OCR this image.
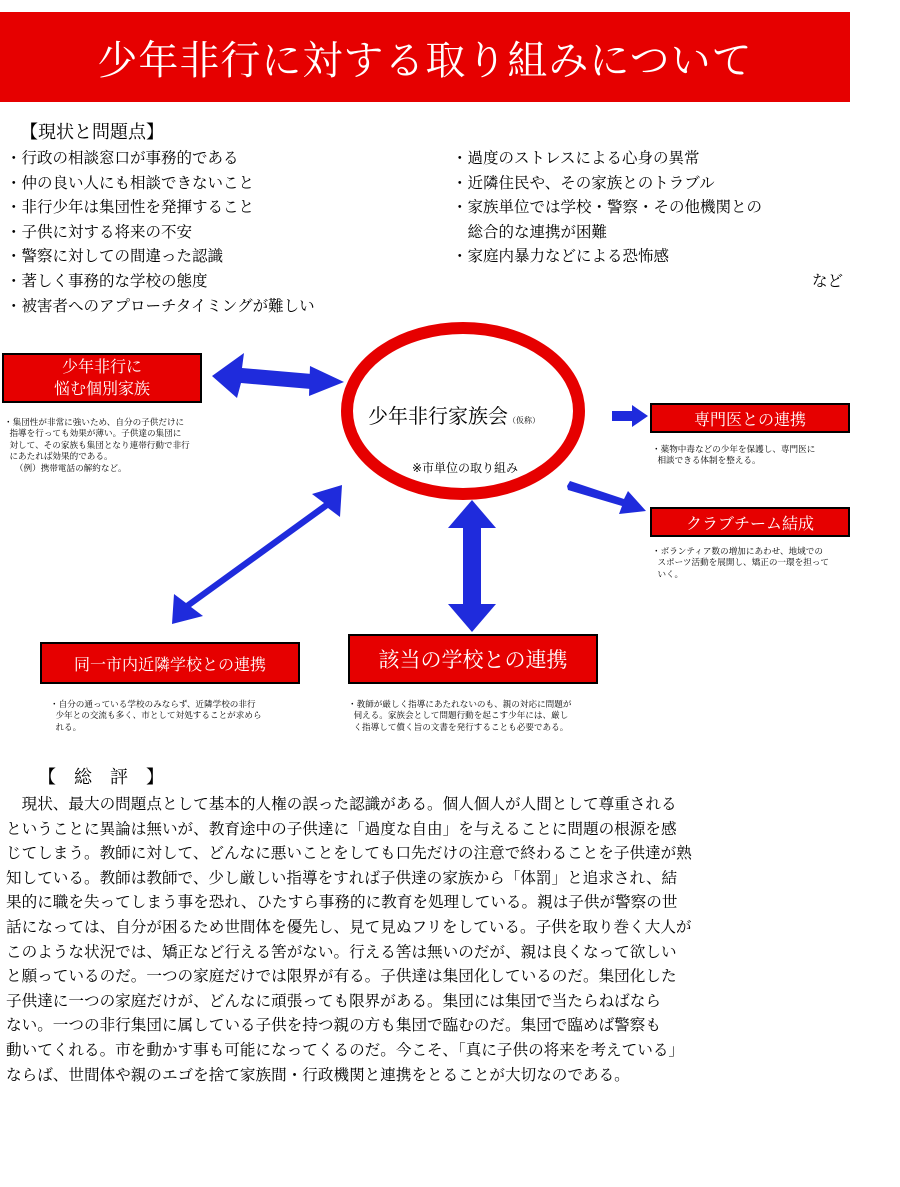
少年非行に対する取り組みについて
【現状と問題点】
・行政の相談窓口が事務的である
・仲の良い人にも相談できないこと
・非行少年は集団性を発揮すること
・子供に対する将来の不安
・警察に対しての間違った認識
・著しく事務的な学校の態度
・被害者へのアプローチタイミングが難しい
・過度のストレスによる心身の異常
・近隣住民や、その家族とのトラブル
・家族単位では学校・警察・その他機関との
　総合的な連携が困難
・家庭内暴力などによる恐怖感
など
少年非行家族会（仮称）
※市単位の取り組み
少年非行に
悩む個別家族
・集団性が非常に強いため、自分の子供だけに
指導を行っても効果が薄い。子供達の集団に
対して、その家族も集団となり連帯行動で非行
にあたれば効果的である。
（例）携帯電話の解約など。
専門医との連携
・薬物中毒などの少年を保護し、専門医に
相談できる体制を整える。
クラブチーム結成
・ボランティア数の増加にあわせ、地域での
スポーツ活動を展開し、矯正の一環を担って
いく。
同一市内近隣学校との連携
・自分の通っている学校のみならず、近隣学校の非行
少年との交流も多く、市として対処することが求めら
れる。
該当の学校との連携
・教師が厳しく指導にあたれないのも、親の対応に問題が
伺える。家族会として問題行動を起こす少年には、厳し
く指導して償く旨の文書を発行することも必要である。
【　総　評　】
　現状、最大の問題点として基本的人権の誤った認識がある。個人個人が人間として尊重される
ということに異論は無いが、教育途中の子供達に「過度な自由」を与えることに問題の根源を感
じてしまう。教師に対して、どんなに悪いことをしても口先だけの注意で終わることを子供達が熟
知している。教師は教師で、少し厳しい指導をすれば子供達の家族から「体罰」と追求され、結
果的に職を失ってしまう事を恐れ、ひたすら事務的に教育を処理している。親は子供が警察の世
話になっては、自分が困るため世間体を優先し、見て見ぬフリをしている。子供を取り巻く大人が
このような状況では、矯正など行える筈がない。行える筈は無いのだが、親は良くなって欲しい
と願っているのだ。一つの家庭だけでは限界が有る。子供達は集団化しているのだ。集団化した
子供達に一つの家庭だけが、どんなに頑張っても限界がある。集団には集団で当たらねばなら
ない。一つの非行集団に属している子供を持つ親の方も集団で臨むのだ。集団で臨めば警察も
動いてくれる。市を動かす事も可能になってくるのだ。今こそ、「真に子供の将来を考えている」
ならば、世間体や親のエゴを捨て家族間・行政機関と連携をとることが大切なのである。
